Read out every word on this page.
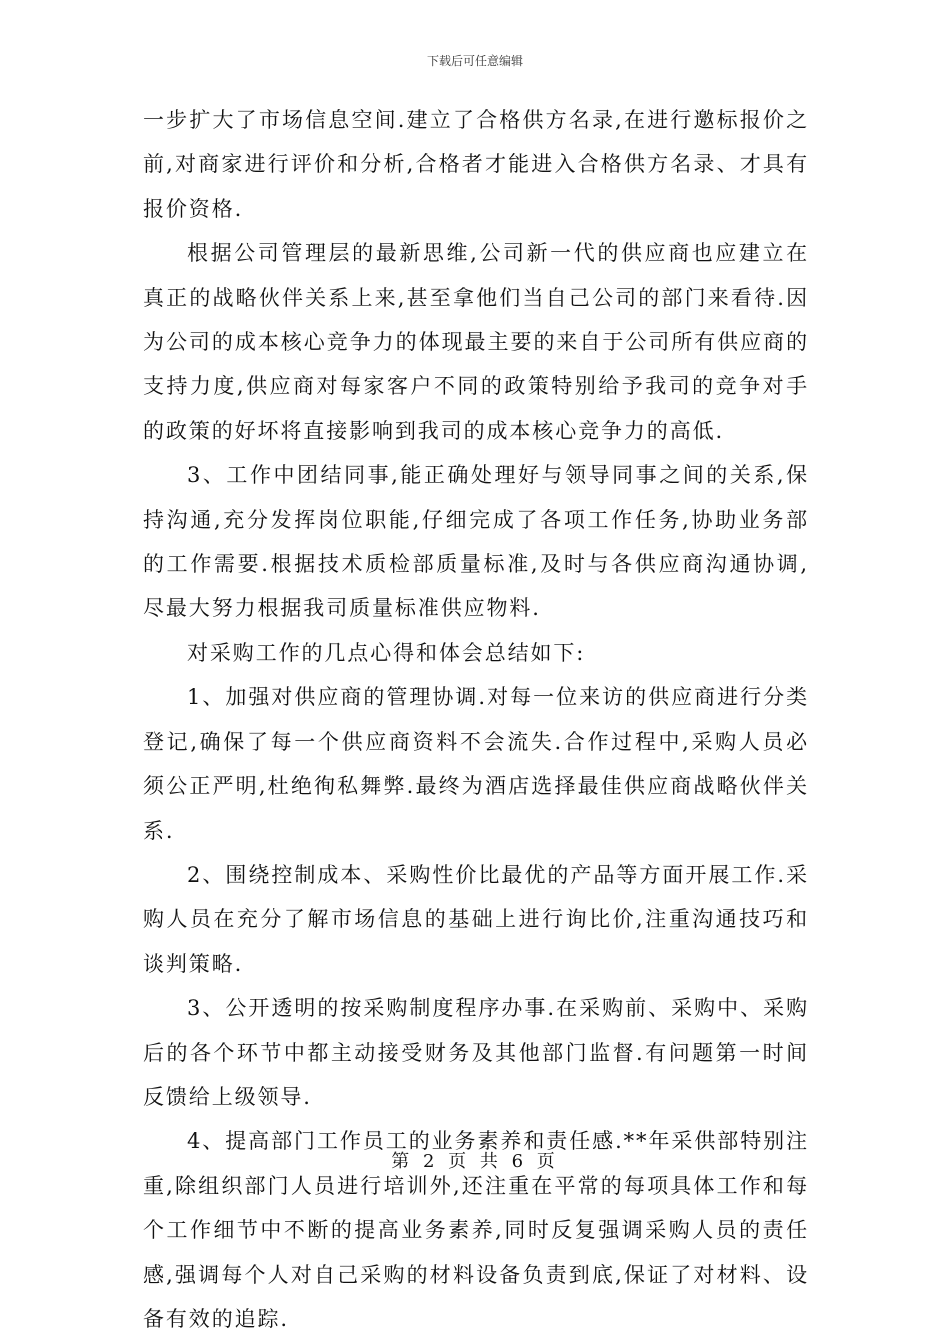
下载后可任意编辑

一步扩大了市场信息空间.建立了合格供方名录,在进行邀标报价之前,对商家进行评价和分析,合格者才能进入合格供方名录、才具有报价资格.

根据公司管理层的最新思维,公司新一代的供应商也应建立在真正的战略伙伴关系上来,甚至拿他们当自己公司的部门来看待.因为公司的成本核心竞争力的体现最主要的来自于公司所有供应商的支持力度,供应商对每家客户不同的政策特别给予我司的竞争对手的政策的好坏将直接影响到我司的成本核心竞争力的高低.

3、工作中团结同事,能正确处理好与领导同事之间的关系,保持沟通,充分发挥岗位职能,仔细完成了各项工作任务,协助业务部的工作需要.根据技术质检部质量标准,及时与各供应商沟通协调,尽最大努力根据我司质量标准供应物料.

对采购工作的几点心得和体会总结如下:

1、加强对供应商的管理协调.对每一位来访的供应商进行分类登记,确保了每一个供应商资料不会流失.合作过程中,采购人员必须公正严明,杜绝徇私舞弊.最终为酒店选择最佳供应商战略伙伴关系.

2、围绕控制成本、采购性价比最优的产品等方面开展工作.采购人员在充分了解市场信息的基础上进行询比价,注重沟通技巧和谈判策略.

3、公开透明的按采购制度程序办事.在采购前、采购中、采购后的各个环节中都主动接受财务及其他部门监督.有问题第一时间反馈给上级领导.

4、提高部门工作员工的业务素养和责任感.**年采供部特别注重,除组织部门人员进行培训外,还注重在平常的每项具体工作和每个工作细节中不断的提高业务素养,同时反复强调采购人员的责任感,强调每个人对自己采购的材料设备负责到底,保证了对材料、设备有效的追踪.

第 2 页 共 6 页
